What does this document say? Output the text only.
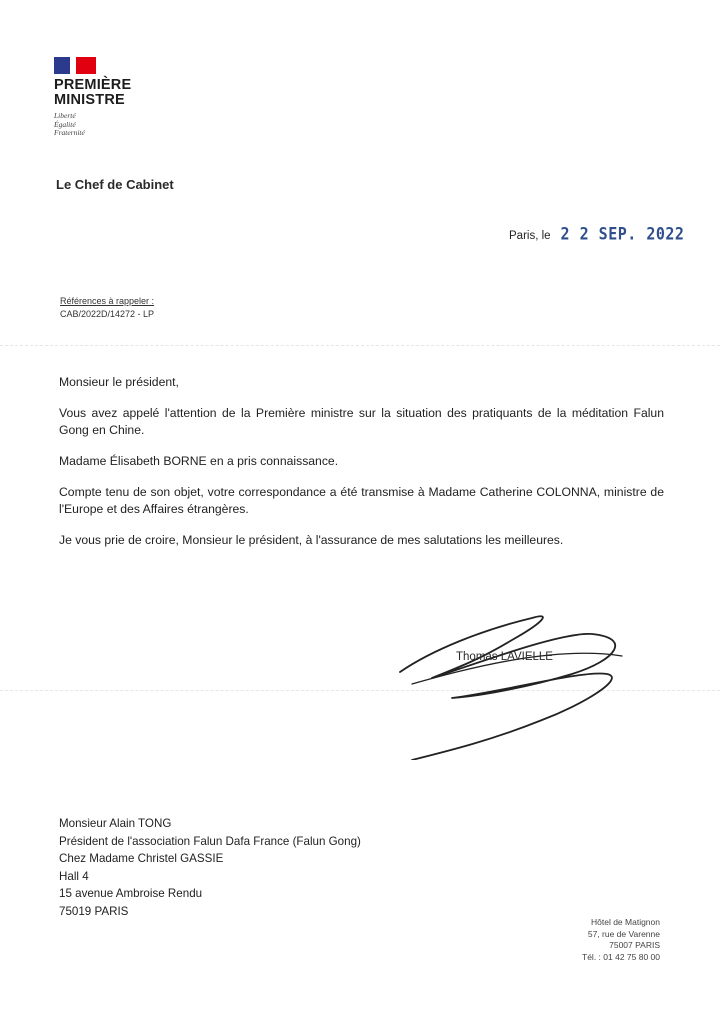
PREMIÈRE
MINISTRE
Liberté
Égalité
Fraternité
Le Chef de Cabinet
Paris, le 2 2 SEP. 2022
Références à rappeler :
CAB/2022D/14272 - LP

Monsieur le président,

Vous avez appelé l'attention de la Première ministre sur la situation des pratiquants de la méditation Falun Gong en Chine.

Madame Élisabeth BORNE en a pris connaissance.

Compte tenu de son objet, votre correspondance a été transmise à Madame Catherine COLONNA, ministre de l'Europe et des Affaires étrangères.

Je vous prie de croire, Monsieur le président, à l'assurance de mes salutations les meilleures.

Thomas LAVIELLE
Monsieur Alain TONG
Président de l'association Falun Dafa France (Falun Gong)
Chez Madame Christel GASSIE
Hall 4
15 avenue Ambroise Rendu
75019 PARIS
Hôtel de Matignon
57, rue de Varenne
75007 PARIS
Tél. : 01 42 75 80 00
